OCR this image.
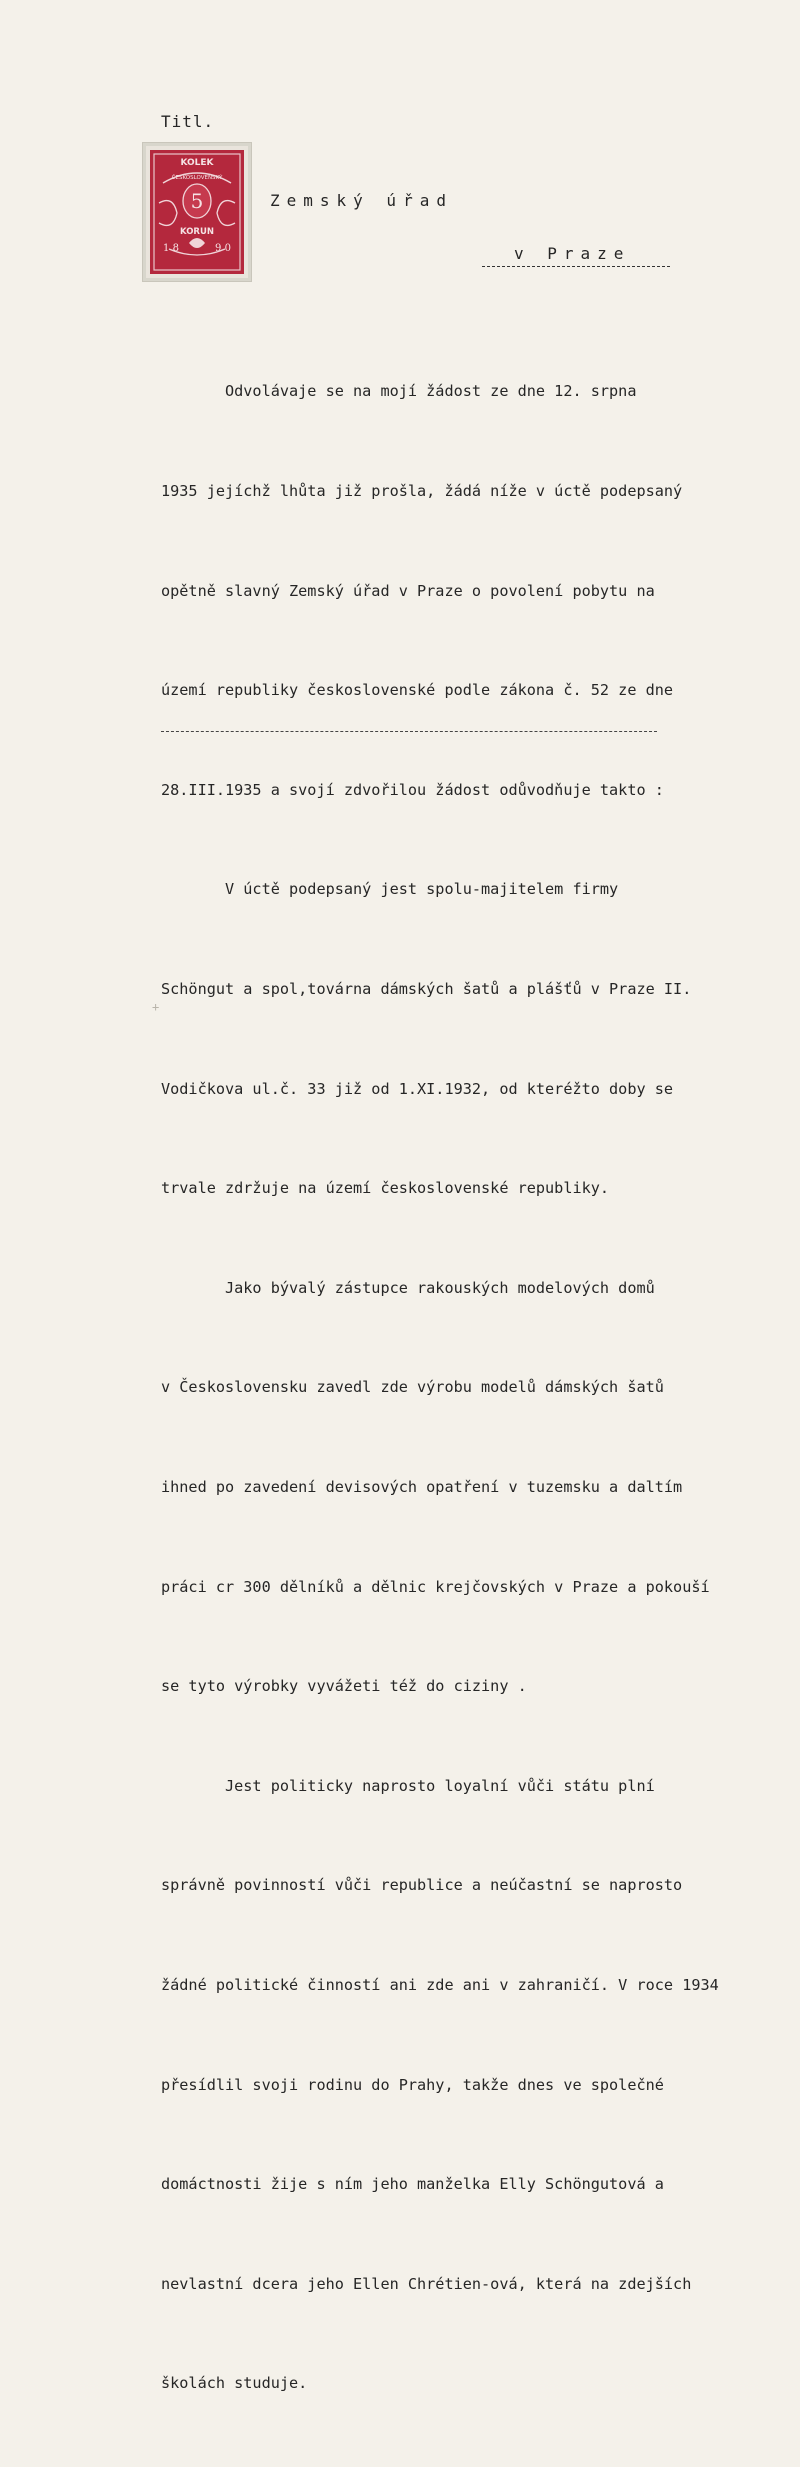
Titl.
KOLEK
ČESKOSLOVENSKÝ
5
KORUN
1 8	9 0
Zemský úřad
v Praze

Odvolávaje se na mojí žádost ze dne 12. srpna

1935 jejíchž lhůta již prošla, žádá níže v úctě podepsaný

opětně slavný Zemský úřad v Praze o povolení pobytu na

území republiky československé podle zákona č. 52 ze dne

28.III.1935 a svojí zdvořilou žádost odůvodňuje takto :

V úctě podepsaný jest spolu-majitelem firmy

Schöngut a spol,továrna dámských šatů a plášťů v Praze II.

Vodičkova ul.č. 33 již od 1.XI.1932, od kteréžto doby se

trvale zdržuje na území československé republiky.

Jako bývalý zástupce rakouských modelových domů

v Československu zavedl zde výrobu modelů dámských šatů

ihned po zavedení devisových opatření v tuzemsku a daltím

práci cr 300 dělníků a dělnic krejčovských v Praze a pokouší

se tyto výrobky vyvážeti též do ciziny .

Jest politicky naprosto loyalní vůči státu plní

správně povinností vůči republice a neúčastní se naprosto

žádné politické činností ani zde ani v zahraničí. V roce 1934

přesídlil svoji rodinu do Prahy, takže dnes ve společné

domáctnosti žije s ním jeho manželka Elly Schöngutová a

nevlastní dcera jeho Ellen Chrétien-ová, která na zdejších

školách studuje.

+
